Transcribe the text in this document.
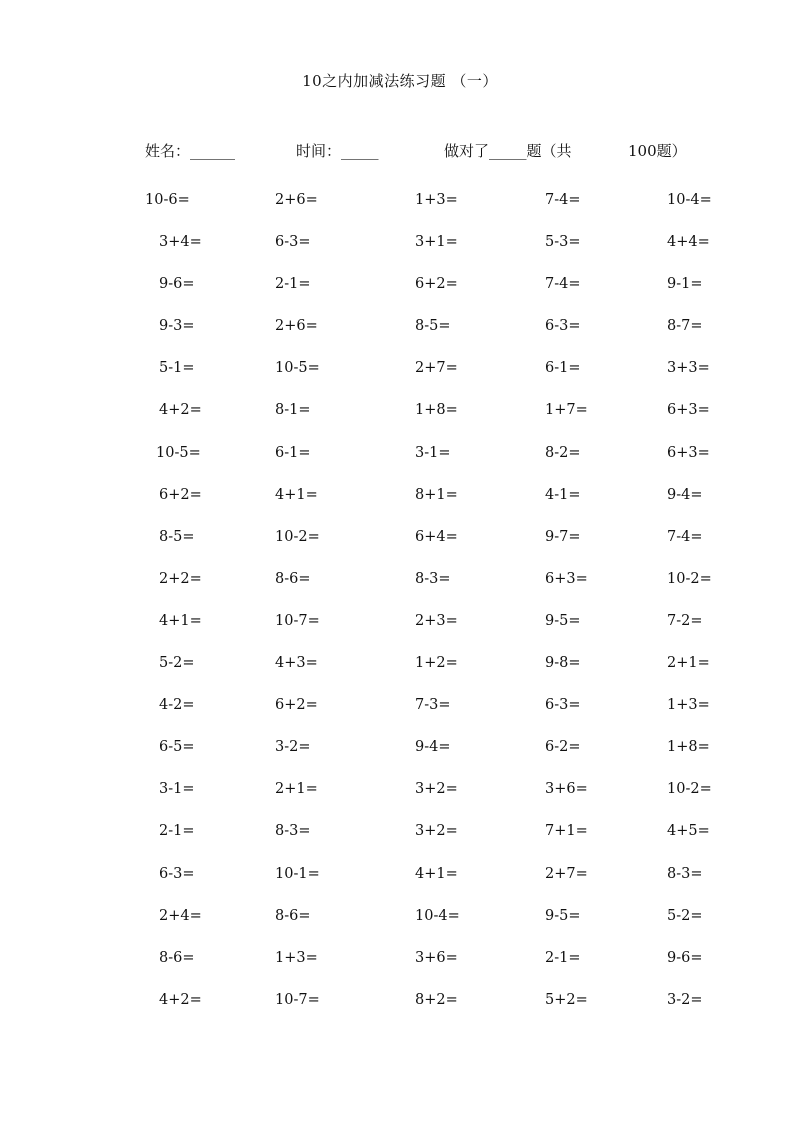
10之内加减法练习题 （一）
姓名：______	时间：_____	做对了_____题（共	100题）
10-6=	2+6=	1+3=	7-4=	10-4=
3+4=	6-3=	3+1=	5-3=	4+4=
9-6=	2-1=	6+2=	7-4=	9-1=
9-3=	2+6=	8-5=	6-3=	8-7=
5-1=	10-5=	2+7=	6-1=	3+3=
4+2=	8-1=	1+8=	1+7=	6+3=
10-5=	6-1=	3-1=	8-2=	6+3=
6+2=	4+1=	8+1=	4-1=	9-4=
8-5=	10-2=	6+4=	9-7=	7-4=
2+2=	8-6=	8-3=	6+3=	10-2=
4+1=	10-7=	2+3=	9-5=	7-2=
5-2=	4+3=	1+2=	9-8=	2+1=
4-2=	6+2=	7-3=	6-3=	1+3=
6-5=	3-2=	9-4=	6-2=	1+8=
3-1=	2+1=	3+2=	3+6=	10-2=
2-1=	8-3=	3+2=	7+1=	4+5=
6-3=	10-1=	4+1=	2+7=	8-3=
2+4=	8-6=	10-4=	9-5=	5-2=
8-6=	1+3=	3+6=	2-1=	9-6=
4+2=	10-7=	8+2=	5+2=	3-2=
